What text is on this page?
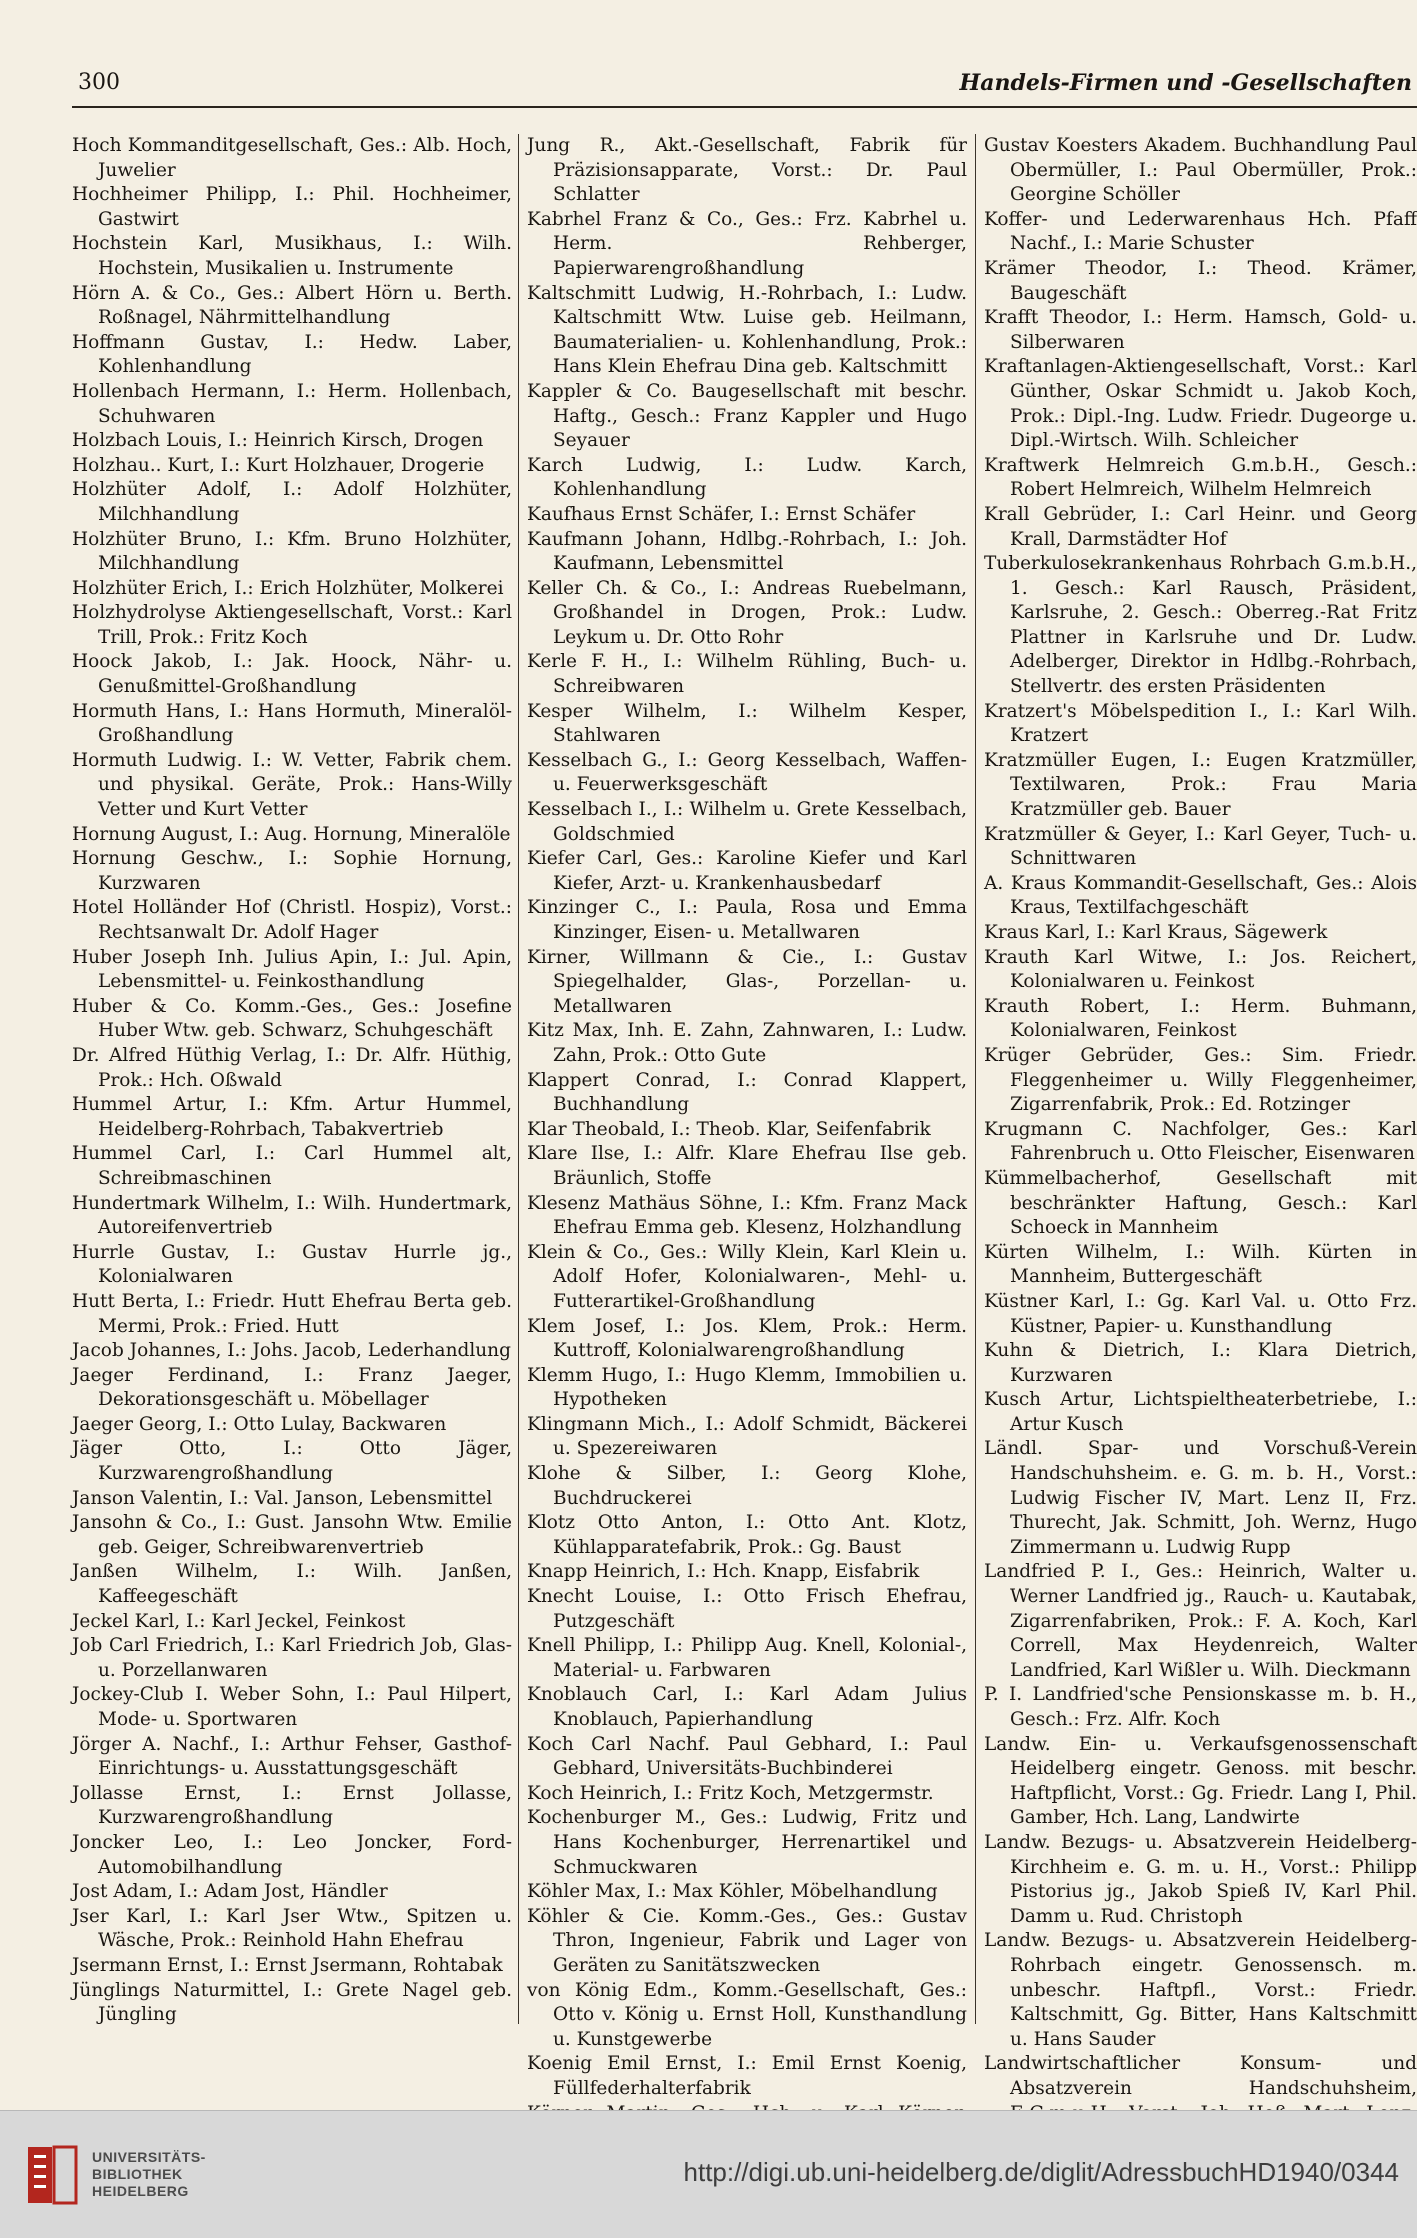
300	Handels-Firmen und -Gesellschaften

Hoch Kommanditgesellschaft, Ges.: Alb. Hoch, Juwelier

Hochheimer Philipp, I.: Phil. Hochheimer, Gastwirt

Hochstein Karl, Musikhaus, I.: Wilh. Hochstein, Musikalien u. Instrumente

Hörn A. & Co., Ges.: Albert Hörn u. Berth. Roßnagel, Nährmittelhandlung

Hoffmann Gustav, I.: Hedw. Laber, Kohlenhandlung

Hollenbach Hermann, I.: Herm. Hollenbach, Schuhwaren

Holzbach Louis, I.: Heinrich Kirsch, Drogen

Holzhau.. Kurt, I.: Kurt Holzhauer, Drogerie

Holzhüter Adolf, I.: Adolf Holzhüter, Milchhandlung

Holzhüter Bruno, I.: Kfm. Bruno Holzhüter, Milchhandlung

Holzhüter Erich, I.: Erich Holzhüter, Molkerei

Holzhydrolyse Aktiengesellschaft, Vorst.: Karl Trill, Prok.: Fritz Koch

Hoock Jakob, I.: Jak. Hoock, Nähr- u. Genußmittel-Großhandlung

Hormuth Hans, I.: Hans Hormuth, Mineralöl-Großhandlung

Hormuth Ludwig. I.: W. Vetter, Fabrik chem. und physikal. Geräte, Prok.: Hans-Willy Vetter und Kurt Vetter

Hornung August, I.: Aug. Hornung, Mineralöle

Hornung Geschw., I.: Sophie Hornung, Kurzwaren

Hotel Holländer Hof (Christl. Hospiz), Vorst.: Rechtsanwalt Dr. Adolf Hager

Huber Joseph Inh. Julius Apin, I.: Jul. Apin, Lebensmittel- u. Feinkosthandlung

Huber & Co. Komm.-Ges., Ges.: Josefine Huber Wtw. geb. Schwarz, Schuhgeschäft

Dr. Alfred Hüthig Verlag, I.: Dr. Alfr. Hüthig, Prok.: Hch. Oßwald

Hummel Artur, I.: Kfm. Artur Hummel, Heidelberg-Rohrbach, Tabakvertrieb

Hummel Carl, I.: Carl Hummel alt, Schreibmaschinen

Hundertmark Wilhelm, I.: Wilh. Hundertmark, Autoreifenvertrieb

Hurrle Gustav, I.: Gustav Hurrle jg., Kolonialwaren

Hutt Berta, I.: Friedr. Hutt Ehefrau Berta geb. Mermi, Prok.: Fried. Hutt

Jacob Johannes, I.: Johs. Jacob, Lederhandlung

Jaeger Ferdinand, I.: Franz Jaeger, Dekorationsgeschäft u. Möbellager

Jaeger Georg, I.: Otto Lulay, Backwaren

Jäger Otto, I.: Otto Jäger, Kurzwarengroßhandlung

Janson Valentin, I.: Val. Janson, Lebensmittel

Jansohn & Co., I.: Gust. Jansohn Wtw. Emilie geb. Geiger, Schreibwarenvertrieb

Janßen Wilhelm, I.: Wilh. Janßen, Kaffeegeschäft

Jeckel Karl, I.: Karl Jeckel, Feinkost

Job Carl Friedrich, I.: Karl Friedrich Job, Glas- u. Porzellanwaren

Jockey-Club I. Weber Sohn, I.: Paul Hilpert, Mode- u. Sportwaren

Jörger A. Nachf., I.: Arthur Fehser, Gasthof-Einrichtungs- u. Ausstattungsgeschäft

Jollasse Ernst, I.: Ernst Jollasse, Kurzwarengroßhandlung

Joncker Leo, I.: Leo Joncker, Ford-Automobilhandlung

Jost Adam, I.: Adam Jost, Händler

Jser Karl, I.: Karl Jser Wtw., Spitzen u. Wäsche, Prok.: Reinhold Hahn Ehefrau

Jsermann Ernst, I.: Ernst Jsermann, Rohtabak

Jünglings Naturmittel, I.: Grete Nagel geb. Jüngling

Jung R., Akt.-Gesellschaft, Fabrik für Präzisionsapparate, Vorst.: Dr. Paul Schlatter

Kabrhel Franz & Co., Ges.: Frz. Kabrhel u. Herm. Rehberger, Papierwarengroßhandlung

Kaltschmitt Ludwig, H.-Rohrbach, I.: Ludw. Kaltschmitt Wtw. Luise geb. Heilmann, Baumaterialien- u. Kohlenhandlung, Prok.: Hans Klein Ehefrau Dina geb. Kaltschmitt

Kappler & Co. Baugesellschaft mit beschr. Haftg., Gesch.: Franz Kappler und Hugo Seyauer

Karch Ludwig, I.: Ludw. Karch, Kohlenhandlung

Kaufhaus Ernst Schäfer, I.: Ernst Schäfer

Kaufmann Johann, Hdlbg.-Rohrbach, I.: Joh. Kaufmann, Lebensmittel

Keller Ch. & Co., I.: Andreas Ruebelmann, Großhandel in Drogen, Prok.: Ludw. Leykum u. Dr. Otto Rohr

Kerle F. H., I.: Wilhelm Rühling, Buch- u. Schreibwaren

Kesper Wilhelm, I.: Wilhelm Kesper, Stahlwaren

Kesselbach G., I.: Georg Kesselbach, Waffen- u. Feuerwerksgeschäft

Kesselbach I., I.: Wilhelm u. Grete Kesselbach, Goldschmied

Kiefer Carl, Ges.: Karoline Kiefer und Karl Kiefer, Arzt- u. Krankenhausbedarf

Kinzinger C., I.: Paula, Rosa und Emma Kinzinger, Eisen- u. Metallwaren

Kirner, Willmann & Cie., I.: Gustav Spiegelhalder, Glas-, Porzellan- u. Metallwaren

Kitz Max, Inh. E. Zahn, Zahnwaren, I.: Ludw. Zahn, Prok.: Otto Gute

Klappert Conrad, I.: Conrad Klappert, Buchhandlung

Klar Theobald, I.: Theob. Klar, Seifenfabrik

Klare Ilse, I.: Alfr. Klare Ehefrau Ilse geb. Bräunlich, Stoffe

Klesenz Mathäus Söhne, I.: Kfm. Franz Mack Ehefrau Emma geb. Klesenz, Holzhandlung

Klein & Co., Ges.: Willy Klein, Karl Klein u. Adolf Hofer, Kolonialwaren-, Mehl- u. Futterartikel-Großhandlung

Klem Josef, I.: Jos. Klem, Prok.: Herm. Kuttroff, Kolonialwarengroßhandlung

Klemm Hugo, I.: Hugo Klemm, Immobilien u. Hypotheken

Klingmann Mich., I.: Adolf Schmidt, Bäckerei u. Spezereiwaren

Klohe & Silber, I.: Georg Klohe, Buchdruckerei

Klotz Otto Anton, I.: Otto Ant. Klotz, Kühlapparatefabrik, Prok.: Gg. Baust

Knapp Heinrich, I.: Hch. Knapp, Eisfabrik

Knecht Louise, I.: Otto Frisch Ehefrau, Putzgeschäft

Knell Philipp, I.: Philipp Aug. Knell, Kolonial-, Material- u. Farbwaren

Knoblauch Carl, I.: Karl Adam Julius Knoblauch, Papierhandlung

Koch Carl Nachf. Paul Gebhard, I.: Paul Gebhard, Universitäts-Buchbinderei

Koch Heinrich, I.: Fritz Koch, Metzgermstr.

Kochenburger M., Ges.: Ludwig, Fritz und Hans Kochenburger, Herrenartikel und Schmuckwaren

Köhler Max, I.: Max Köhler, Möbelhandlung

Köhler & Cie. Komm.-Ges., Ges.: Gustav Thron, Ingenieur, Fabrik und Lager von Geräten zu Sanitätszwecken

von König Edm., Komm.-Gesellschaft, Ges.: Otto v. König u. Ernst Holl, Kunsthandlung u. Kunstgewerbe

Koenig Emil Ernst, I.: Emil Ernst Koenig, Füllfederhalterfabrik

Gustav Koesters Akadem. Buchhandlung Paul Obermüller, I.: Paul Obermüller, Prok.: Georgine Schöller

Koffer- und Lederwarenhaus Hch. Pfaff Nachf., I.: Marie Schuster

Krämer Theodor, I.: Theod. Krämer, Baugeschäft

Krafft Theodor, I.: Herm. Hamsch, Gold- u. Silberwaren

Kraftanlagen-Aktiengesellschaft, Vorst.: Karl Günther, Oskar Schmidt u. Jakob Koch, Prok.: Dipl.-Ing. Ludw. Friedr. Dugeorge u. Dipl.-Wirtsch. Wilh. Schleicher

Kraftwerk Helmreich G.m.b.H., Gesch.: Robert Helmreich, Wilhelm Helmreich

Krall Gebrüder, I.: Carl Heinr. und Georg Krall, Darmstädter Hof

Tuberkulosekrankenhaus Rohrbach G.m.b.H., 1. Gesch.: Karl Rausch, Präsident, Karlsruhe, 2. Gesch.: Oberreg.-Rat Fritz Plattner in Karlsruhe und Dr. Ludw. Adelberger, Direktor in Hdlbg.-Rohrbach, Stellvertr. des ersten Präsidenten

Kratzert's Möbelspedition I., I.: Karl Wilh. Kratzert

Kratzmüller Eugen, I.: Eugen Kratzmüller, Textilwaren, Prok.: Frau Maria Kratzmüller geb. Bauer

Kratzmüller & Geyer, I.: Karl Geyer, Tuch- u. Schnittwaren

A. Kraus Kommandit-Gesellschaft, Ges.: Alois Kraus, Textilfachgeschäft

Kraus Karl, I.: Karl Kraus, Sägewerk

Krauth Karl Witwe, I.: Jos. Reichert, Kolonialwaren u. Feinkost

Krauth Robert, I.: Herm. Buhmann, Kolonialwaren, Feinkost

Krüger Gebrüder, Ges.: Sim. Friedr. Fleggenheimer u. Willy Fleggenheimer, Zigarrenfabrik, Prok.: Ed. Rotzinger

Krugmann C. Nachfolger, Ges.: Karl Fahrenbruch u. Otto Fleischer, Eisenwaren

Kümmelbacherhof, Gesellschaft mit beschränkter Haftung, Gesch.: Karl Schoeck in Mannheim

Kürten Wilhelm, I.: Wilh. Kürten in Mannheim, Buttergeschäft

Küstner Karl, I.: Gg. Karl Val. u. Otto Frz. Küstner, Papier- u. Kunsthandlung

Kuhn & Dietrich, I.: Klara Dietrich, Kurzwaren

Kusch Artur, Lichtspieltheaterbetriebe, I.: Artur Kusch

Ländl. Spar- und Vorschuß-Verein Handschuhsheim. e. G. m. b. H., Vorst.: Ludwig Fischer IV, Mart. Lenz II, Frz. Thurecht, Jak. Schmitt, Joh. Wernz, Hugo Zimmermann u. Ludwig Rupp

Landfried P. I., Ges.: Heinrich, Walter u. Werner Landfried jg., Rauch- u. Kautabak, Zigarrenfabriken, Prok.: F. A. Koch, Karl Correll, Max Heydenreich, Walter Landfried, Karl Wißler u. Wilh. Dieckmann

P. I. Landfried'sche Pensionskasse m. b. H., Gesch.: Frz. Alfr. Koch

Landw. Ein- u. Verkaufsgenossenschaft Heidelberg eingetr. Genoss. mit beschr. Haftpflicht, Vorst.: Gg. Friedr. Lang I, Phil. Gamber, Hch. Lang, Landwirte

Landw. Bezugs- u. Absatzverein Heidelberg-Kirchheim e. G. m. u. H., Vorst.: Philipp Pistorius jg., Jakob Spieß IV, Karl Phil. Damm u. Rud. Christoph

Landw. Bezugs- u. Absatzverein Heidelberg-Rohrbach eingetr. Genossensch. m. unbeschr. Haftpfl., Vorst.: Friedr. Kaltschmitt, Gg. Bitter, Hans Kaltschmitt u. Hans Sauder

Landwirtschaftlicher Konsum- und Absatzverein Handschuhsheim,

UNIVERSITÄTS-
BIBLIOTHEK
HEIDELBERG
http://digi.ub.uni-heidelberg.de/diglit/AdressbuchHD1940/0344
